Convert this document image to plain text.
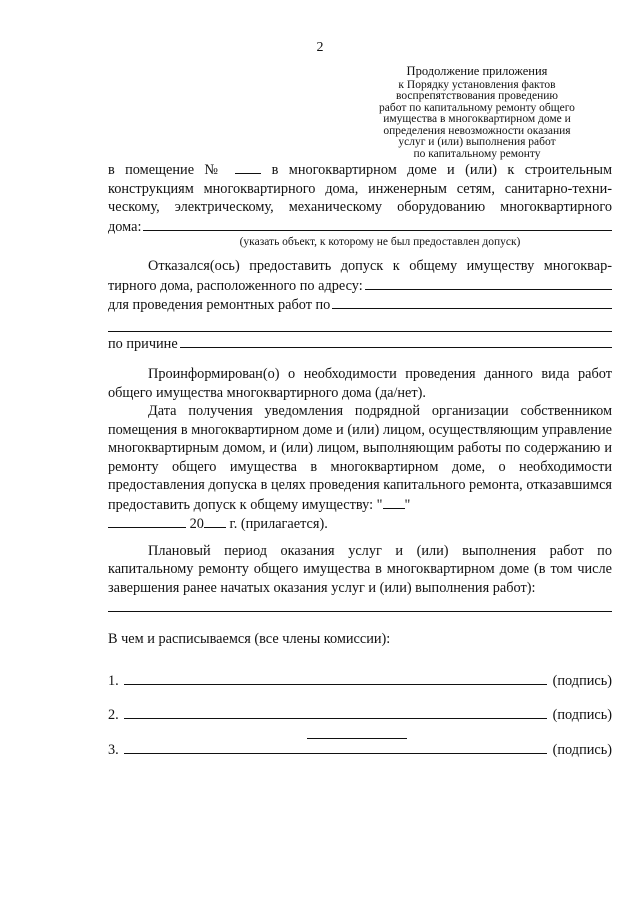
2
Продолжение приложения
к Порядку установления фактов
воспрепятствования проведению
работ по капитальному ремонту общего
имущества в многоквартирном доме и
определения невозможности оказания
услуг и (или) выполнения работ
по капитальному ремонту
в помещение №	в многоквартирном доме и (или) к строительным
конструкциям многоквартирного дома, инженерным сетям, санитарно-техни-
ческому, электрическому, механическому оборудованию многоквартирного
дома:
(указать объект, к которому не был предоставлен допуск)
Отказался(ось) предоставить допуск к общему имуществу многоквар-
тирного дома, расположенного по адресу:
для проведения ремонтных работ по
по причине
Проинформирован(о) о необходимости проведения данного вида работ общего имущества многоквартирного дома (да/нет).
Дата получения уведомления подрядной организации собственником помещения в многоквартирном доме и (или) лицом, осуществляющим управление многоквартирным домом, и (или) лицом, выполняющим работы по содержанию и ремонту общего имущества в многоквартирном доме, о необходимости предоставления допуска в целях проведения капитального ремонта, отказавшимся предоставить допуск к общему имуществу: " "
20 г. (прилагается).
Плановый период оказания услуг и (или) выполнения работ по капитальному ремонту общего имущества в многоквартирном доме (в том числе завершения ранее начатых оказания услуг и (или) выполнения работ):
В чем и расписываемся (все члены комиссии):
1.	(подпись)
2.	(подпись)
3.	(подпись)
